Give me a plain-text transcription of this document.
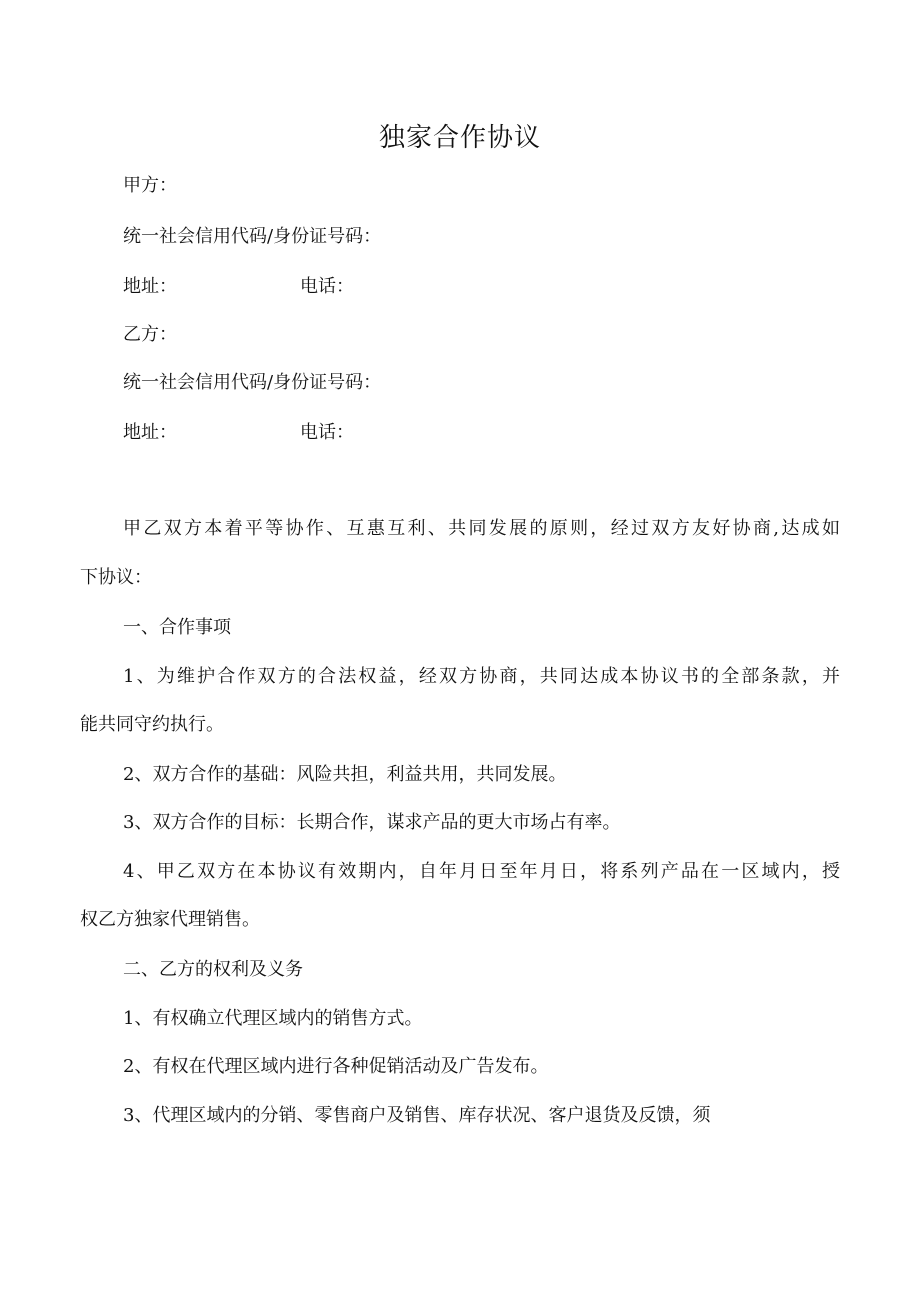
独家合作协议
甲方：
统一社会信用代码/身份证号码：
地址：	电话：
乙方：
统一社会信用代码/身份证号码：
地址：	电话：
甲乙双方本着平等协作、互惠互利、共同发展的原则，经过双方友好协商,达成如
下协议：
一、合作事项
1、为维护合作双方的合法权益，经双方协商，共同达成本协议书的全部条款，并
能共同守约执行。
2、双方合作的基础：风险共担，利益共用，共同发展。
3、双方合作的目标：长期合作，谋求产品的更大市场占有率。
4、甲乙双方在本协议有效期内，自年月日至年月日，将系列产品在一区域内，授
权乙方独家代理销售。
二、乙方的权利及义务
1、有权确立代理区域内的销售方式。
2、有权在代理区域内进行各种促销活动及广告发布。
3、代理区域内的分销、零售商户及销售、库存状况、客户退货及反馈，须
